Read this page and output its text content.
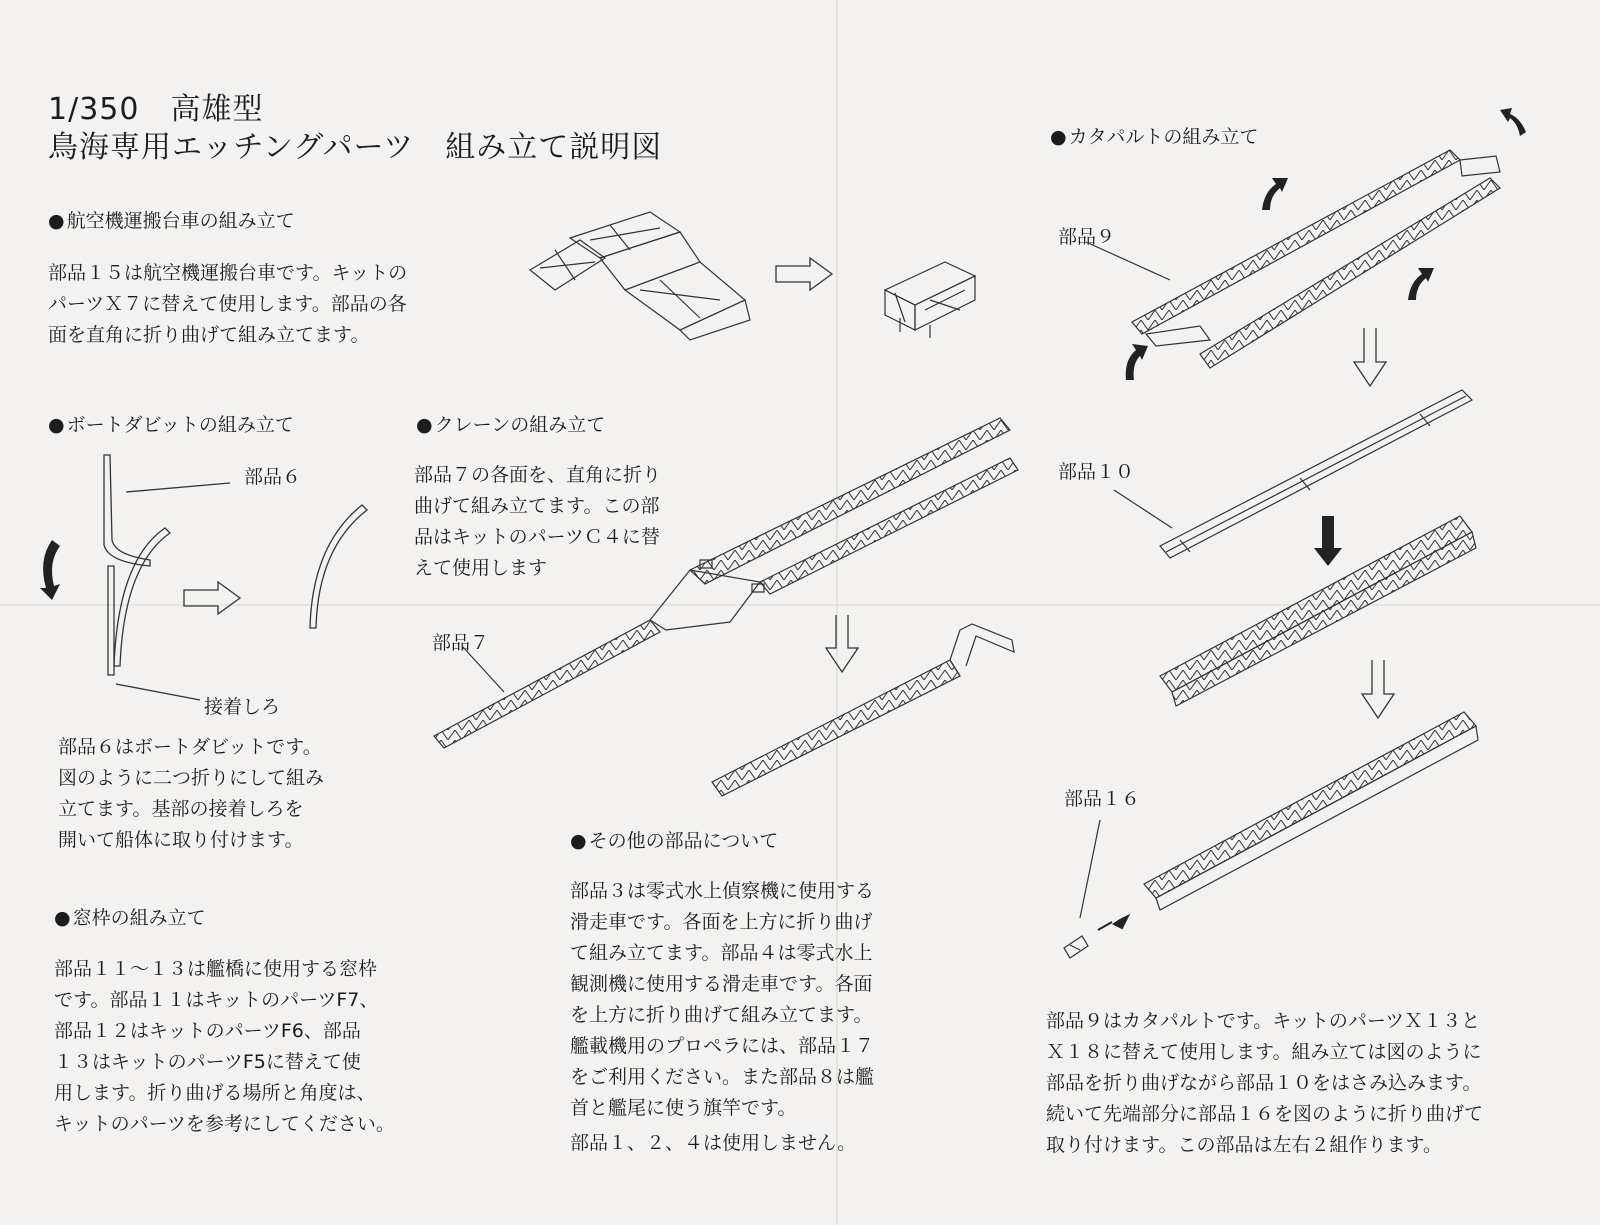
1/350　高雄型
鳥海専用エッチングパーツ　組み立て説明図
● 航空機運搬台車の組み立て
部品１５は航空機運搬台車です。キットの
パーツＸ７に替えて使用します。部品の各
面を直角に折り曲げて組み立てます。
● ボートダビットの組み立て
部品６
接着しろ
部品６はボートダビットです。
図のように二つ折りにして組み
立てます。基部の接着しろを
開いて船体に取り付けます。
● クレーンの組み立て
部品７の各面を、直角に折り
曲げて組み立てます。この部
品はキットのパーツＣ４に替
えて使用します
部品７
● 窓枠の組み立て
部品１１～１３は艦橋に使用する窓枠
です。部品１１はキットのパーツF7、
部品１２はキットのパーツF6、部品
１３はキットのパーツF5に替えて使
用します。折り曲げる場所と角度は、
キットのパーツを参考にしてください。
● その他の部品について
部品３は零式水上偵察機に使用する
滑走車です。各面を上方に折り曲げ
て組み立てます。部品４は零式水上
観測機に使用する滑走車です。各面
を上方に折り曲げて組み立てます。
艦載機用のプロペラには、部品１７
をご利用ください。また部品８は艦
首と艦尾に使う旗竿です。
部品１、２、４は使用しません。
● カタパルトの組み立て
部品９
部品１０
部品１６
部品９はカタパルトです。キットのパーツＸ１３と
Ｘ１８に替えて使用します。組み立ては図のように
部品を折り曲げながら部品１０をはさみ込みます。
続いて先端部分に部品１６を図のように折り曲げて
取り付けます。この部品は左右２組作ります。
